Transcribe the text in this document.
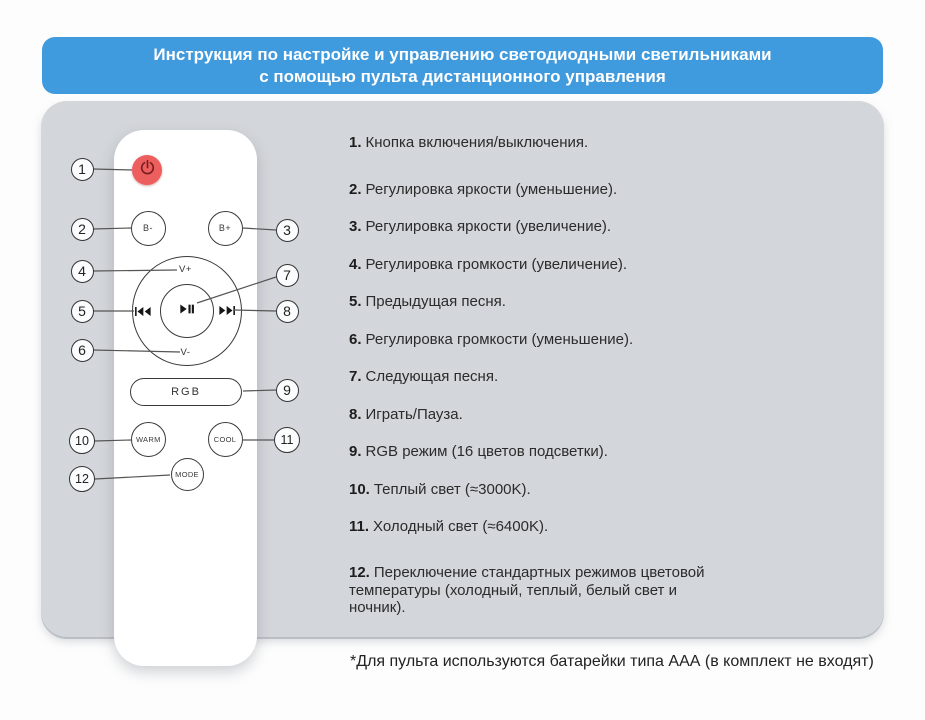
Инструкция по настройке и управлению светодиодными светильниками
с помощью пульта дистанционного управления
B-	B+
V+
V-
RGB
WARM	COOL
MODE
1
2	3
4
5
6
7
8
9
10	11
12
1. Кнопка включения/выключения.
2. Регулировка яркости (уменьшение).
3. Регулировка яркости (увеличение).
4. Регулировка громкости (увеличение).
5. Предыдущая песня.
6. Регулировка громкости (уменьшение).
7. Следующая песня.
8. Играть/Пауза.
9. RGB режим (16 цветов подсветки).
10. Теплый свет (≈3000K).
11. Холодный свет (≈6400K).
12. Переключение стандартных режимов цветовой температуры (холодный, теплый, белый свет и ночник).
*Для пульта используются батарейки типа ААА (в комплект не входят)
